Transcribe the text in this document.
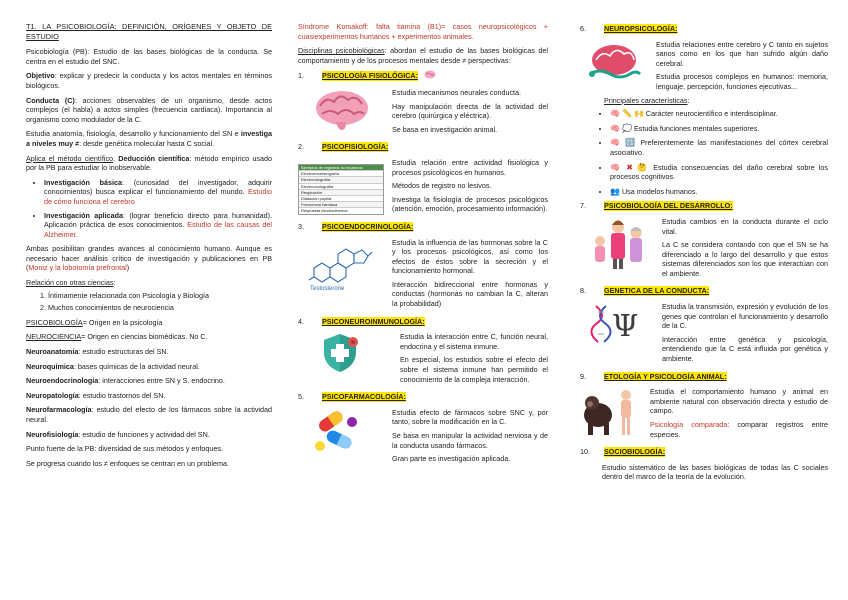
T1. LA PSICOBIOLOGÍA: DEFINICIÓN, ORÍGENES Y OBJETO DE ESTUDIO

Psicobiología (PB): Estudio de las bases biológicas de la conducta. Se centra en el estudio del SNC.

Objetivo: explicar y predecir la conducta y los actos mentales en términos biológicos.

Conducta (C): acciones observables de un organismo, desde actos complejos (el habla) a actos simples (frecuencia cardiaca). Importancia al organismo como modulador de la C.

Estudia anatomía, fisiología, desarrollo y funcionamiento del SN e investiga a niveles muy ≠: desde genética molecular hasta C social.

Aplica el método científico. Deducción científica: método empírico usado por la PB para estudiar lo inobservable.

• Investigación básica: (curiosidad del investigador, adquirir conocimientos) busca explicar el funcionamiento del mundo. Estudio de cómo funciona el cerebro
• Investigación aplicada: (lograr beneficio directo para humanidad). Aplicación práctica de esos conocimientos. Estudio de las causas del Alzheimer.

Ambas posibilitan grandes avances al conocimiento humano. Aunque es necesario hacer análisis crítico de investigación y publicaciones en PB (Moniz y la lobotomía prefrontal)

Relación con otras ciencias:

1. Íntimamente relacionada con Psicología y Biología
2. Muchos conocimientos de neurociencia

PSICOBIOLOGÍA= Origen en la psicología

NEUROCIENCIA= Origen en ciencias biomédicas. No C.

Neuroanatomía: estudio estructuras del SN.

Neuroquímica: bases químicas de la actividad neural.

Neuroendocrinología: interacciones entre SN y S. endocrino.

Neuropatología: estudio trastornos del SN.

Neurofarmacología: estudio del efecto de los fármacos sobre la actividad neural.

Neurofisiología: estudio de funciones y actividad del SN.

Punto fuerte de la PB: diversidad de sus métodos y enfoques.

Se progresa cuando los ≠ enfoques se centran en un problema.

Síndrome Korsakoff: falta tiamina (B1)= casos neuropsicológicos + cuasiexperimentos humanos + experimentos animales.

Disciplinas psicobiológicas: abordan el estudio de las bases biológicas del comportamiento y de los procesos mentales desde ≠ perspectivas:

1.	PSICOLOGÍA FISIOLÓGICA:

Estudia mecanismos neurales conducta.

Hay manipulación directa de la actividad del cerebro (quirúrgica y eléctrica).

Se basa en investigación animal.

2.	PSICOFISIOLOGÍA:
Ejemplos de registros no invasivos
Electroencefalografía
Electromiografía
Electrooculografía
Respiración
Dilatación pupilar
Frecuencia cardíaca
Respuesta electrodérmica

Estudia relación entre actividad fisiológica y procesos psicológicos en humanos.

Métodos de registro no lesivos.

Investiga la fisiología de procesos psicológicos (atención, emoción, procesamiento información).

3.	PSICOENDOCRINOLOGÍA:
Testosterone

Estudia la influencia de las hormonas sobre la C y los procesos psicológicos, así como los efectos de éstos sobre la secreción y el funcionamiento hormonal.

Interacción bidireccional entre hormonas y conductas (hormonas no cambian la C, alteran la probabilidad)

4.	PSICONEUROINMUNOLOGÍA:

Estudia la interacción entre C, función neural, endocrina y el sistema inmune.

En especial, los estudios sobre el efecto del sobre el sistema inmune han permitido el conocimiento de la compleja interacción.

5.	PSICOFARMACOLOGÍA:

Estudia efecto de fármacos sobre SNC y, por tanto, sobre la modificación en la C.

Se basa en manipular la actividad nerviosa y de la conducta usando fármacos.

Gran parte es investigación aplicada.

6.	NEUROPSICOLOGÍA:

Estudia relaciones entre cerebro y C tanto en sujetos sanos como en los que han sufrido algún daño cerebral.

Estudia procesos complejos en humanos: memoria, lenguaje, percepción, funciones ejecutivas...

Principales características:

• 🧠 📏 🙌 Carácter neurocientífico e interdisciplinar.
• 🧠 💭 Estudia funciones mentales superiores.
• 🧠 🔠 Preferentemente las manifestaciones del córtex cerebral asociativo.
• 🧠 ✖ 🤔 Estudia consecuencias del daño cerebral sobre los procesos cognitivos.
• 👥 Usa modelos humanos.
7.	PSICOBIOLOGÍA DEL DESARROLLO:

Estudia cambios en la conducta durante el ciclo vital.

La C se considera contando con que el SN se ha diferenciado a lo largo del desarrollo y que estos sistemas diferenciados son los que interactúan con el ambiente.

8.	GENETICA DE LA CONDUCTA:
Ψ

Estudia la transmisión, expresión y evolución de los genes que controlan el funcionamiento y desarrollo de la C.

Interacción entre genética y psicología, entendiendo que la C está influida por genética y ambiente.

9.	ETOLOGÍA Y PSICOLOGÍA ANIMAL:

Estudia el comportamiento humano y animal en ambiente natural con observación directa y estudio de campo.

Psicología comparada: comparar registros entre especies.

10.	SOCIOBIOLOGÍA:

Estudio sistemático de las bases biológicas de todas las C sociales dentro del marco de la teoría de la evolución.
